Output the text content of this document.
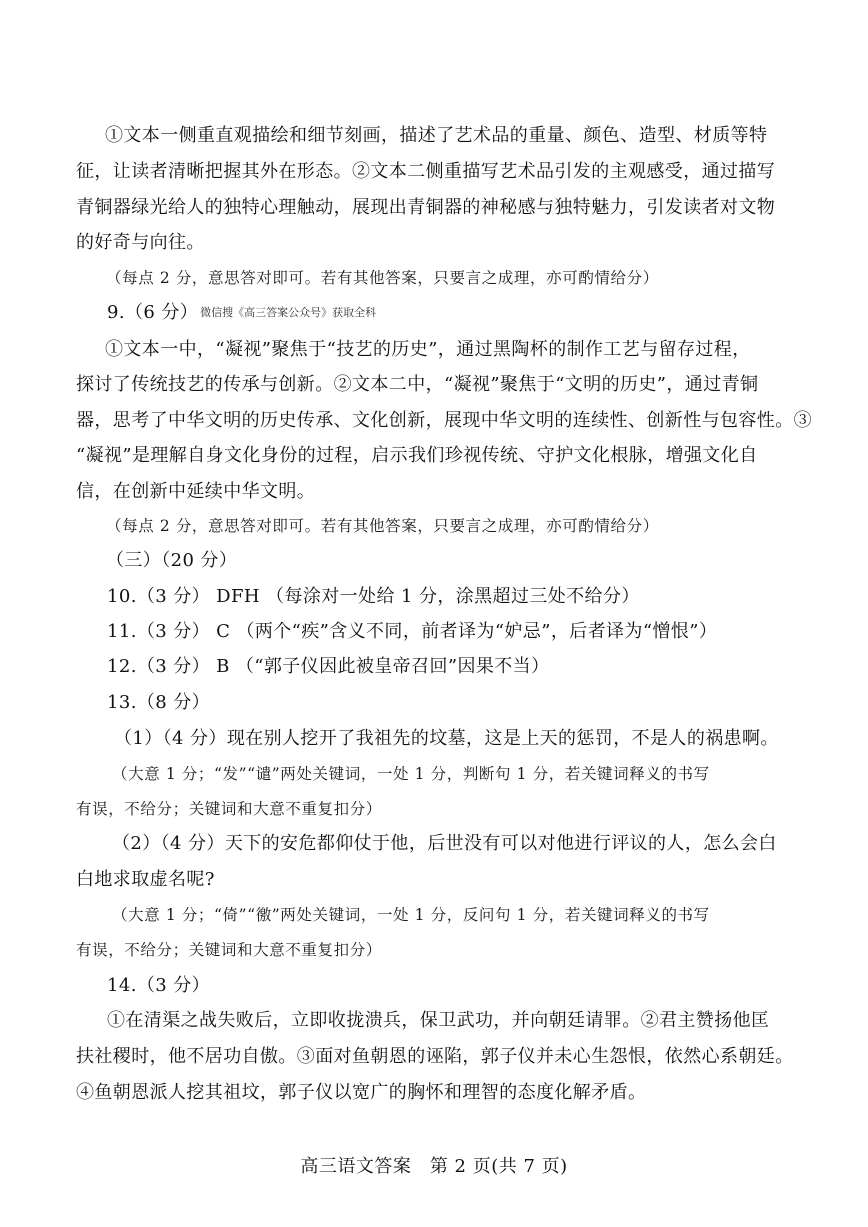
①文本一侧重直观描绘和细节刻画，描述了艺术品的重量、颜色、造型、材质等特
征，让读者清晰把握其外在形态。②文本二侧重描写艺术品引发的主观感受，通过描写
青铜器绿光给人的独特心理触动，展现出青铜器的神秘感与独特魅力，引发读者对文物
的好奇与向往。
（每点 2 分，意思答对即可。若有其他答案，只要言之成理，亦可酌情给分）
9.（6 分） 微信搜《高三答案公众号》获取全科
①文本一中，“凝视”聚焦于“技艺的历史”，通过黑陶杯的制作工艺与留存过程，
探讨了传统技艺的传承与创新。②文本二中，“凝视”聚焦于“文明的历史”，通过青铜
器，思考了中华文明的历史传承、文化创新，展现中华文明的连续性、创新性与包容性。③
“凝视”是理解自身文化身份的过程，启示我们珍视传统、守护文化根脉，增强文化自
信，在创新中延续中华文明。
（每点 2 分，意思答对即可。若有其他答案，只要言之成理，亦可酌情给分）
（三）（20 分）
10.（3 分） DFH （每涂对一处给 1 分，涂黑超过三处不给分）
11.（3 分） C （两个“疾”含义不同，前者译为“妒忌”，后者译为“憎恨”）
12.（3 分） B （“郭子仪因此被皇帝召回”因果不当）
13.（8 分）
（1）（4 分）现在别人挖开了我祖先的坟墓，这是上天的惩罚，不是人的祸患啊。
（大意 1 分；“发”“谴”两处关键词，一处 1 分，判断句 1 分，若关键词释义的书写
有误，不给分；关键词和大意不重复扣分）
（2）（4 分）天下的安危都仰仗于他，后世没有可以对他进行评议的人，怎么会白
白地求取虚名呢?
（大意 1 分；“倚”“徼”两处关键词，一处 1 分，反问句 1 分，若关键词释义的书写
有误，不给分；关键词和大意不重复扣分）
14.（3 分）
①在清渠之战失败后，立即收拢溃兵，保卫武功，并向朝廷请罪。②君主赞扬他匡
扶社稷时，他不居功自傲。③面对鱼朝恩的诬陷，郭子仪并未心生怨恨，依然心系朝廷。
④鱼朝恩派人挖其祖坟，郭子仪以宽广的胸怀和理智的态度化解矛盾。
高三语文答案　第 2 页(共 7 页)
